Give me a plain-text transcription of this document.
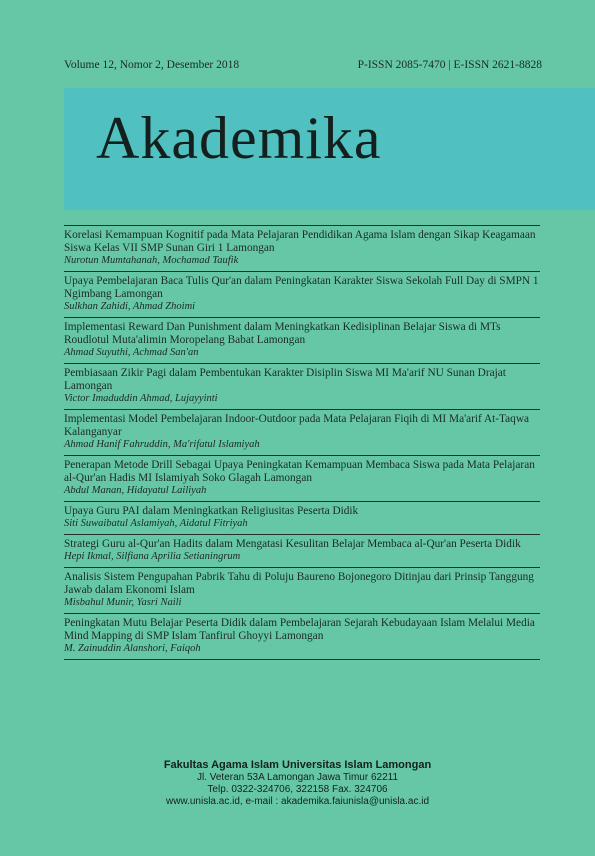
Volume 12, Nomor 2, Desember 2018	P-ISSN 2085-7470 | E-ISSN 2621-8828
Akademika
Korelasi Kemampuan Kognitif pada Mata Pelajaran Pendidikan Agama Islam dengan Sikap Keagamaan Siswa Kelas VII SMP Sunan Giri 1 Lamongan
Nurotun Mumtahanah, Mochamad Taufik
Upaya Pembelajaran Baca Tulis Qur'an dalam Peningkatan Karakter Siswa Sekolah Full Day di SMPN 1 Ngimbang Lamongan
Sulkhan Zahidi, Ahmad Zhoimi
Implementasi Reward Dan Punishment dalam Meningkatkan Kedisiplinan Belajar Siswa di MTs Roudlotul Muta'alimin Moropelang Babat Lamongan
Ahmad Suyuthi, Achmad San'an
Pembiasaan Zikir Pagi dalam Pembentukan Karakter Disiplin Siswa MI Ma'arif NU Sunan Drajat Lamongan
Victor Imaduddin Ahmad, Lujayyinti
Implementasi Model Pembelajaran Indoor-Outdoor pada Mata Pelajaran Fiqih di MI Ma'arif At-Taqwa Kalanganyar
Ahmad Hanif Fahruddin, Ma'rifatul Islamiyah
Penerapan Metode Drill Sebagai Upaya Peningkatan Kemampuan Membaca Siswa pada Mata Pelajaran al-Qur'an Hadis MI Islamiyah Soko Glagah Lamongan
Abdul Manan, Hidayatul Lailiyah
Upaya Guru PAI dalam Meningkatkan Religiusitas Peserta Didik
Siti Suwaibatul Aslamiyah, Aidatul Fitriyah
Strategi Guru al-Qur'an Hadits dalam Mengatasi Kesulitan Belajar Membaca al-Qur'an Peserta Didik
Hepi Ikmal, Silfiana Aprilia Setianingrum
Analisis Sistem Pengupahan Pabrik Tahu di Poluju Baureno Bojonegoro Ditinjau dari Prinsip Tanggung Jawab dalam Ekonomi Islam
Misbahul Munir, Yasri Naili
Peningkatan Mutu Belajar Peserta Didik dalam Pembelajaran Sejarah Kebudayaan Islam Melalui Media Mind Mapping di SMP Islam Tanfirul Ghoyyi Lamongan
M. Zainuddin Alanshori, Faiqoh
Fakultas Agama Islam Universitas Islam Lamongan
Jl. Veteran 53A Lamongan Jawa Timur 62211
Telp. 0322-324706, 322158 Fax. 324706
www.unisla.ac.id, e-mail : akademika.faiunisla@unisla.ac.id
